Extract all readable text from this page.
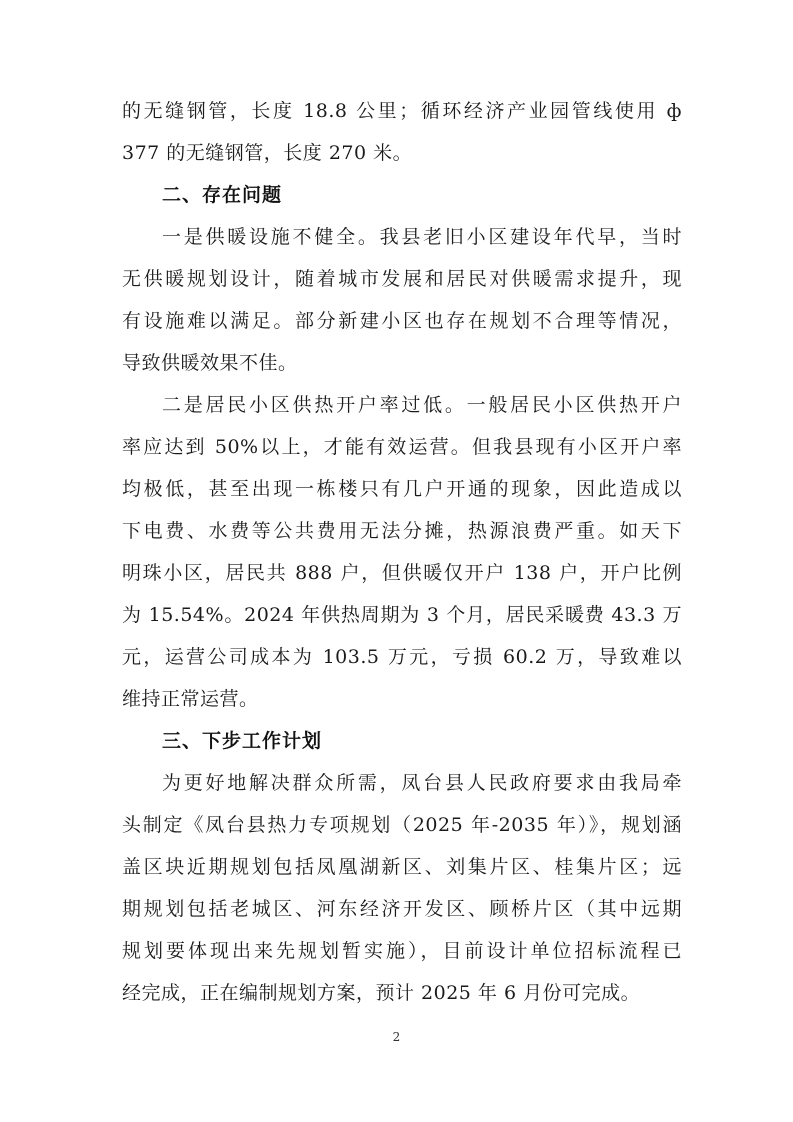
的无缝钢管，长度 18.8 公里；循环经济产业园管线使用 ф
377 的无缝钢管，长度 270 米。
二、存在问题
一是供暖设施不健全。我县老旧小区建设年代早，当时
无供暖规划设计，随着城市发展和居民对供暖需求提升，现
有设施难以满足。部分新建小区也存在规划不合理等情况，
导致供暖效果不佳。
二是居民小区供热开户率过低。一般居民小区供热开户
率应达到 50%以上，才能有效运营。但我县现有小区开户率
均极低，甚至出现一栋楼只有几户开通的现象，因此造成以
下电费、水费等公共费用无法分摊，热源浪费严重。如天下
明珠小区，居民共 888 户，但供暖仅开户 138 户，开户比例
为 15.54%。2024 年供热周期为 3 个月，居民采暖费 43.3 万
元，运营公司成本为 103.5 万元，亏损 60.2 万，导致难以
维持正常运营。
三、下步工作计划
为更好地解决群众所需，凤台县人民政府要求由我局牵
头制定《凤台县热力专项规划（2025 年-2035 年）》，规划涵
盖区块近期规划包括凤凰湖新区、刘集片区、桂集片区；远
期规划包括老城区、河东经济开发区、顾桥片区（其中远期
规划要体现出来先规划暂实施），目前设计单位招标流程已
经完成，正在编制规划方案，预计 2025 年 6 月份可完成。
2
